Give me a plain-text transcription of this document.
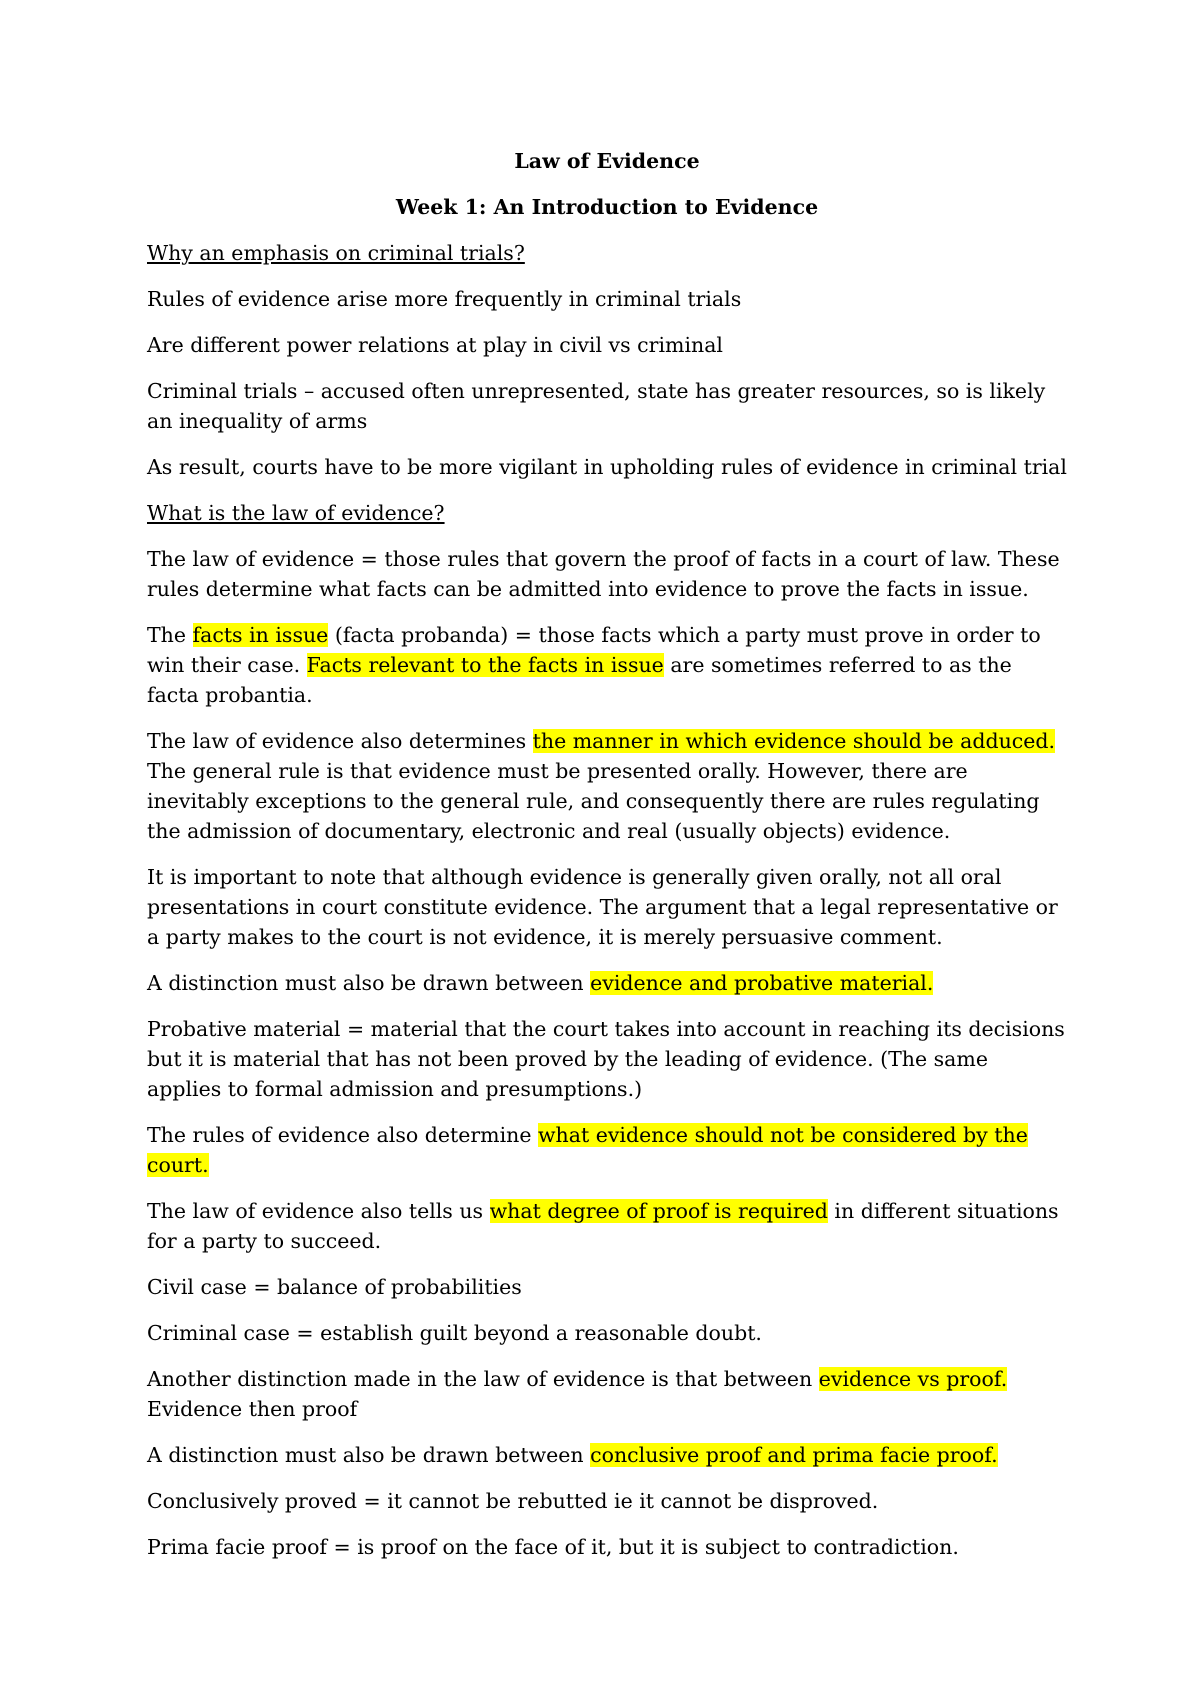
Law of Evidence
Week 1: An Introduction to Evidence
Why an emphasis on criminal trials?
Rules of evidence arise more frequently in criminal trials
Are different power relations at play in civil vs criminal
Criminal trials – accused often unrepresented, state has greater resources, so is likely an inequality of arms
As result, courts have to be more vigilant in upholding rules of evidence in criminal trial
What is the law of evidence?
The law of evidence = those rules that govern the proof of facts in a court of law. These rules determine what facts can be admitted into evidence to prove the facts in issue.
The facts in issue (facta probanda) = those facts which a party must prove in order to win their case. Facts relevant to the facts in issue are sometimes referred to as the facta probantia.
The law of evidence also determines the manner in which evidence should be adduced. The general rule is that evidence must be presented orally. However, there are inevitably exceptions to the general rule, and consequently there are rules regulating the admission of documentary, electronic and real (usually objects) evidence.
It is important to note that although evidence is generally given orally, not all oral presentations in court constitute evidence. The argument that a legal representative or a party makes to the court is not evidence, it is merely persuasive comment.
A distinction must also be drawn between evidence and probative material.
Probative material = material that the court takes into account in reaching its decisions but it is material that has not been proved by the leading of evidence. (The same applies to formal admission and presumptions.)
The rules of evidence also determine what evidence should not be considered by the court.
The law of evidence also tells us what degree of proof is required in different situations for a party to succeed.
Civil case = balance of probabilities
Criminal case = establish guilt beyond a reasonable doubt.
Another distinction made in the law of evidence is that between evidence vs proof. Evidence then proof
A distinction must also be drawn between conclusive proof and prima facie proof.
Conclusively proved = it cannot be rebutted ie it cannot be disproved.
Prima facie proof = is proof on the face of it, but it is subject to contradiction.
